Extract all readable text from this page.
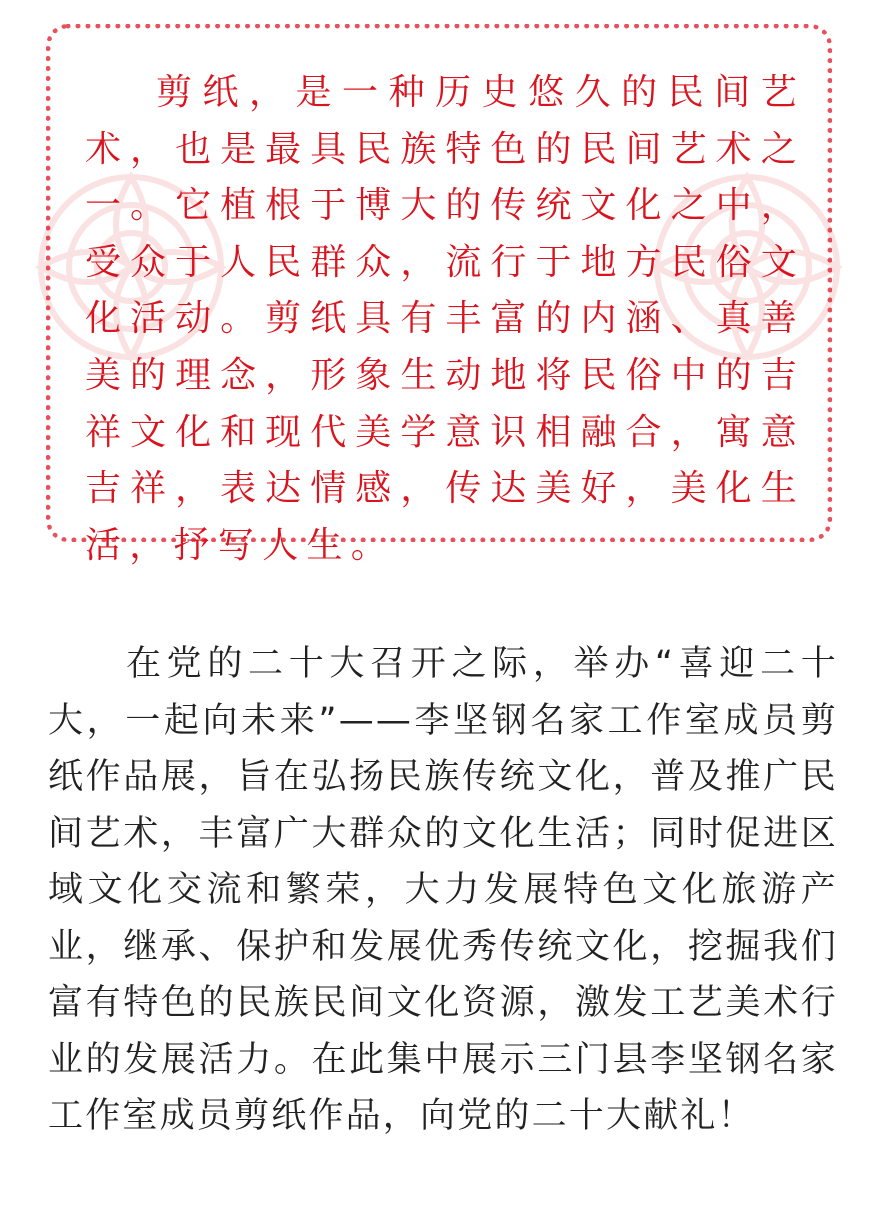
剪纸，是一种历史悠久的民间艺术，也是最具民族特色的民间艺术之一。它植根于博大的传统文化之中，受众于人民群众，流行于地方民俗文化活动。剪纸具有丰富的内涵、真善美的理念，形象生动地将民俗中的吉祥文化和现代美学意识相融合，寓意吉祥，表达情感，传达美好，美化生活，抒写人生。

在党的二十大召开之际，举办“喜迎二十大，一起向未来”——李坚钢名家工作室成员剪纸作品展，旨在弘扬民族传统文化，普及推广民间艺术，丰富广大群众的文化生活；同时促进区域文化交流和繁荣，大力发展特色文化旅游产业，继承、保护和发展优秀传统文化，挖掘我们富有特色的民族民间文化资源，激发工艺美术行业的发展活力。在此集中展示三门县李坚钢名家工作室成员剪纸作品，向党的二十大献礼！
